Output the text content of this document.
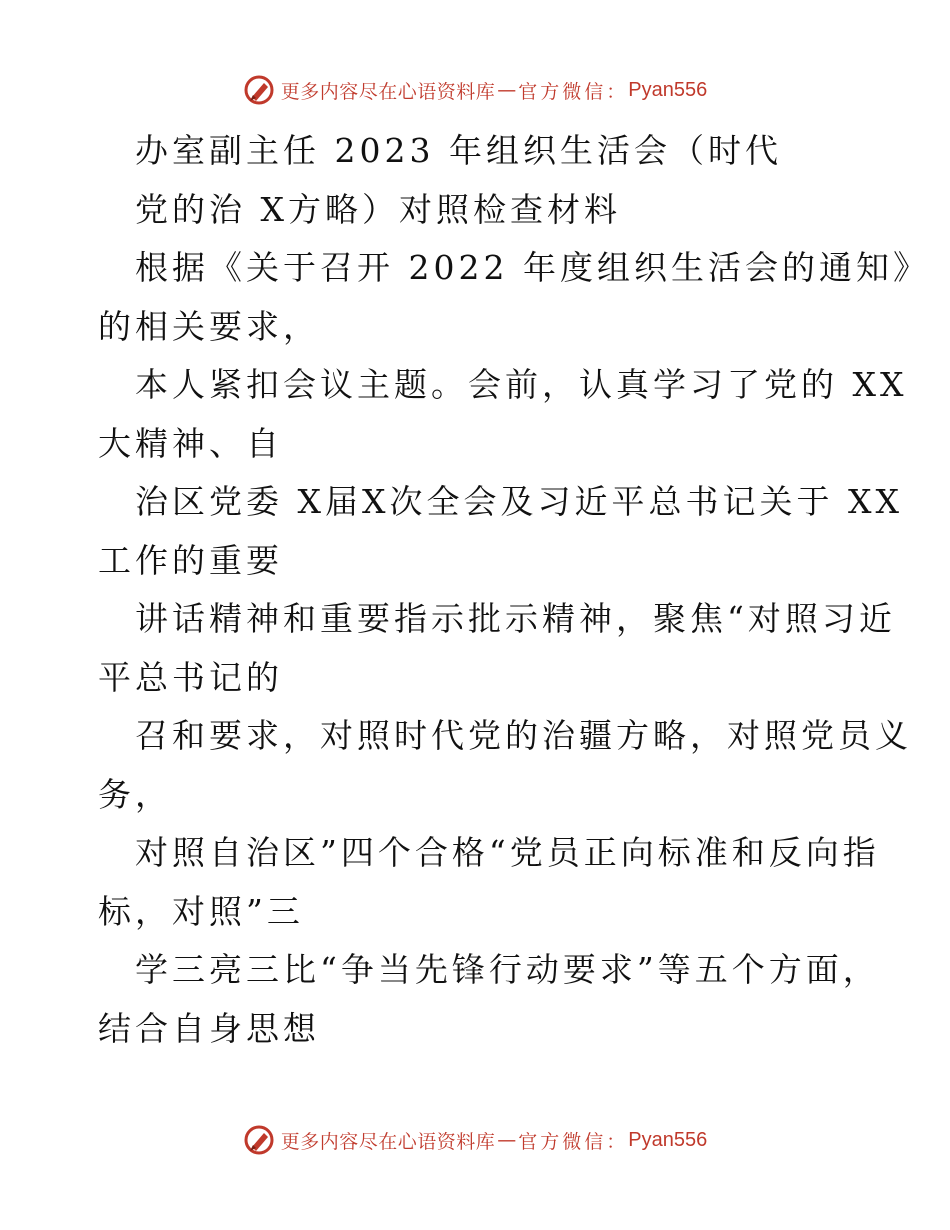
更多内容尽在心语资料库 — 官方微信： Pyan556
办室副主任 2023 年组织生活会（时代
党的治 X方略）对照检查材料
根据《关于召开 2022 年度组织生活会的通知》
的相关要求，
本人紧扣会议主题。会前，认真学习了党的 XX
大精神、自
治区党委 X届X次全会及习近平总书记关于 XX
工作的重要
讲话精神和重要指示批示精神，聚焦“对照习近
平总书记的
召和要求，对照时代党的治疆方略，对照党员义
务，
对照自治区”四个合格“党员正向标准和反向指
标，对照”三
学三亮三比“争当先锋行动要求”等五个方面，
结合自身思想
更多内容尽在心语资料库 — 官方微信： Pyan556
